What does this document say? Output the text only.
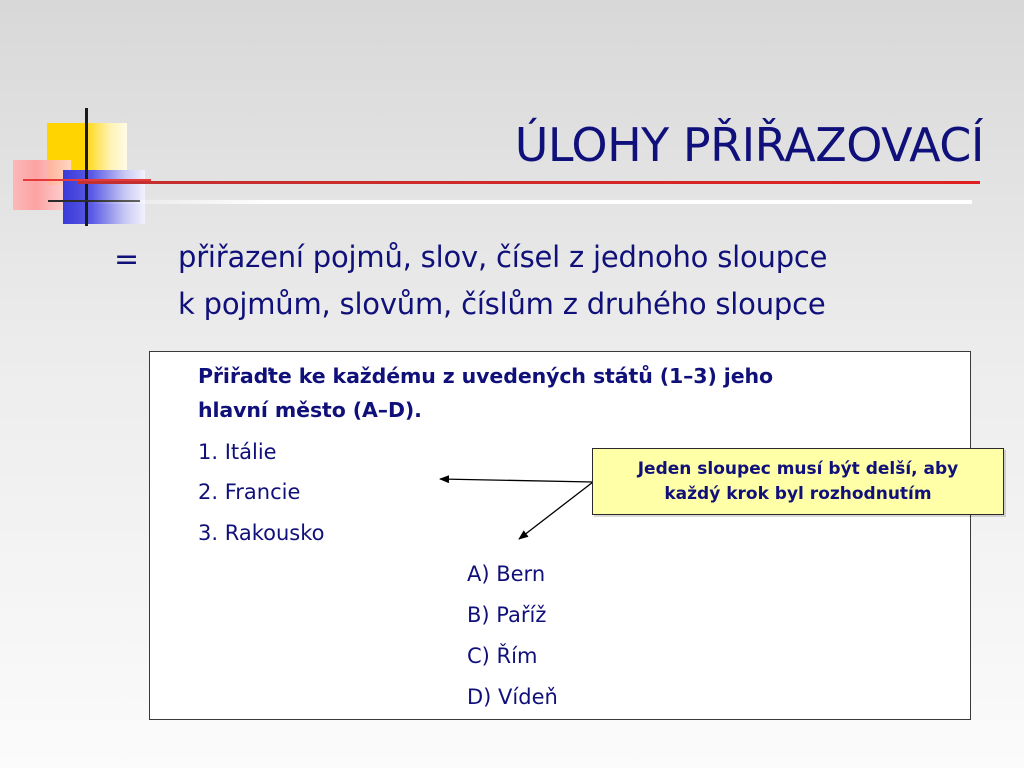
ÚLOHY PŘIŘAZOVACÍ
= přiřazení pojmů, slov, čísel z jednoho sloupce
k pojmům, slovům, číslům z druhého sloupce
Přiřaďte ke každému z uvedených států (1–3) jeho
hlavní město (A–D).
1. Itálie
2. Francie
3. Rakousko
A) Bern
B) Paříž
C) Řím
D) Vídeň
Jeden sloupec musí být delší, aby
každý krok byl rozhodnutím
